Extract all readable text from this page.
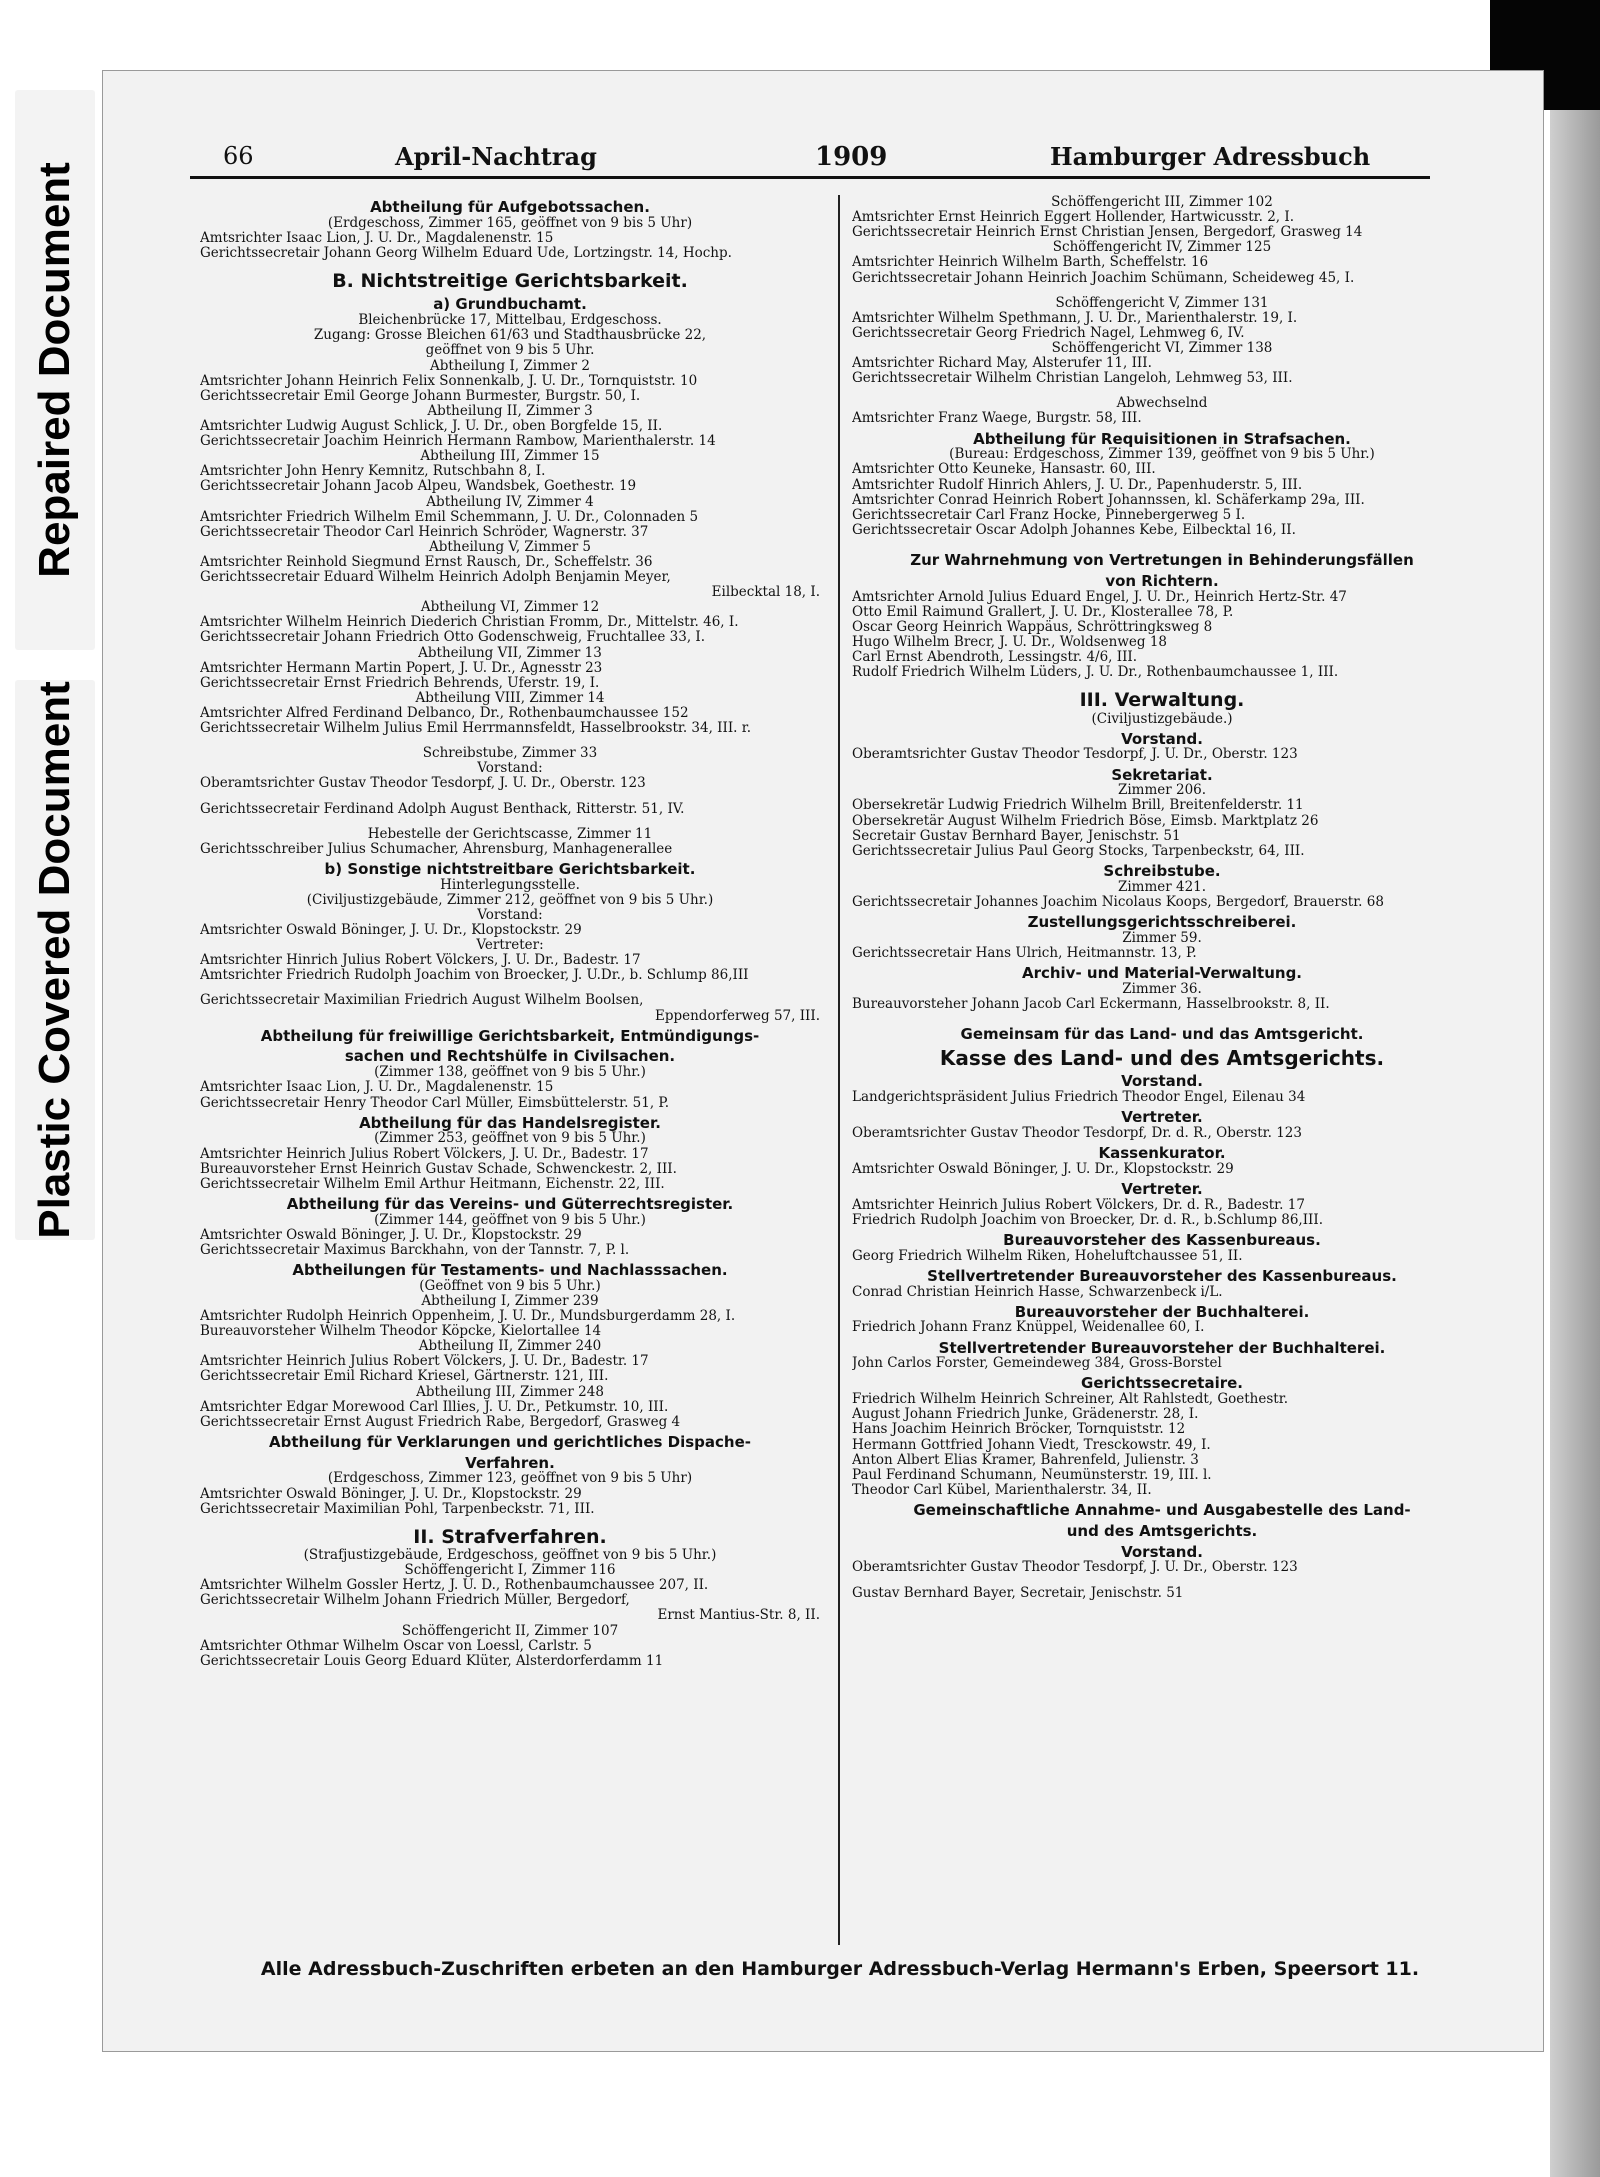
Repaired Document
Plastic Covered Document
66	April-Nachtrag	1909	Hamburger Adressbuch
Abtheilung für Aufgebotssachen.
(Erdgeschoss, Zimmer 165, geöffnet von 9 bis 5 Uhr)
Amtsrichter Isaac Lion, J. U. Dr., Magdalenenstr. 15
Gerichtssecretair Johann Georg Wilhelm Eduard Ude, Lortzingstr. 14, Hochp.
B. Nichtstreitige Gerichtsbarkeit.
a) Grundbuchamt.
Bleichenbrücke 17, Mittelbau, Erdgeschoss.
Zugang: Grosse Bleichen 61/63 und Stadthausbrücke 22,
geöffnet von 9 bis 5 Uhr.
Abtheilung I, Zimmer 2
Amtsrichter Johann Heinrich Felix Sonnenkalb, J. U. Dr., Tornquiststr. 10
Gerichtssecretair Emil George Johann Burmester, Burgstr. 50, I.
Abtheilung II, Zimmer 3
Amtsrichter Ludwig August Schlick, J. U. Dr., oben Borgfelde 15, II.
Gerichtssecretair Joachim Heinrich Hermann Rambow, Marienthalerstr. 14
Abtheilung III, Zimmer 15
Amtsrichter John Henry Kemnitz, Rutschbahn 8, I.
Gerichtssecretair Johann Jacob Alpeu, Wandsbek, Goethestr. 19
Abtheilung IV, Zimmer 4
Amtsrichter Friedrich Wilhelm Emil Schemmann, J. U. Dr., Colonnaden 5
Gerichtssecretair Theodor Carl Heinrich Schröder, Wagnerstr. 37
Abtheilung V, Zimmer 5
Amtsrichter Reinhold Siegmund Ernst Rausch, Dr., Scheffelstr. 36
Gerichtssecretair Eduard Wilhelm Heinrich Adolph Benjamin Meyer,
Eilbecktal 18, I.
Abtheilung VI, Zimmer 12
Amtsrichter Wilhelm Heinrich Diederich Christian Fromm, Dr., Mittelstr. 46, I.
Gerichtssecretair Johann Friedrich Otto Godenschweig, Fruchtallee 33, I.
Abtheilung VII, Zimmer 13
Amtsrichter Hermann Martin Popert, J. U. Dr., Agnesstr 23
Gerichtssecretair Ernst Friedrich Behrends, Uferstr. 19, I.
Abtheilung VIII, Zimmer 14
Amtsrichter Alfred Ferdinand Delbanco, Dr., Rothenbaumchaussee 152
Gerichtssecretair Wilhelm Julius Emil Herrmannsfeldt, Hasselbrookstr. 34, III. r.
Schreibstube, Zimmer 33
Vorstand:
Oberamtsrichter Gustav Theodor Tesdorpf, J. U. Dr., Oberstr. 123
Gerichtssecretair Ferdinand Adolph August Benthack, Ritterstr. 51, IV.
Hebestelle der Gerichtscasse, Zimmer 11
Gerichtsschreiber Julius Schumacher, Ahrensburg, Manhagenerallee
b) Sonstige nichtstreitbare Gerichtsbarkeit.
Hinterlegungsstelle.
(Civiljustizgebäude, Zimmer 212, geöffnet von 9 bis 5 Uhr.)
Vorstand:
Amtsrichter Oswald Böninger, J. U. Dr., Klopstockstr. 29
Vertreter:
Amtsrichter Hinrich Julius Robert Völckers, J. U. Dr., Badestr. 17
Amtsrichter Friedrich Rudolph Joachim von Broecker, J. U.Dr., b. Schlump 86,III
Gerichtssecretair Maximilian Friedrich August Wilhelm Boolsen,
Eppendorferweg 57, III.
Abtheilung für freiwillige Gerichtsbarkeit, Entmündigungs-
sachen und Rechtshülfe in Civilsachen.
(Zimmer 138, geöffnet von 9 bis 5 Uhr.)
Amtsrichter Isaac Lion, J. U. Dr., Magdalenenstr. 15
Gerichtssecretair Henry Theodor Carl Müller, Eimsbüttelerstr. 51, P.
Abtheilung für das Handelsregister.
(Zimmer 253, geöffnet von 9 bis 5 Uhr.)
Amtsrichter Heinrich Julius Robert Völckers, J. U. Dr., Badestr. 17
Bureauvorsteher Ernst Heinrich Gustav Schade, Schwenckestr. 2, III.
Gerichtssecretair Wilhelm Emil Arthur Heitmann, Eichenstr. 22, III.
Abtheilung für das Vereins- und Güterrechtsregister.
(Zimmer 144, geöffnet von 9 bis 5 Uhr.)
Amtsrichter Oswald Böninger, J. U. Dr., Klopstockstr. 29
Gerichtssecretair Maximus Barckhahn, von der Tannstr. 7, P. l.
Abtheilungen für Testaments- und Nachlasssachen.
(Geöffnet von 9 bis 5 Uhr.)
Abtheilung I, Zimmer 239
Amtsrichter Rudolph Heinrich Oppenheim, J. U. Dr., Mundsburgerdamm 28, I.
Bureauvorsteher Wilhelm Theodor Köpcke, Kielortallee 14
Abtheilung II, Zimmer 240
Amtsrichter Heinrich Julius Robert Völckers, J. U. Dr., Badestr. 17
Gerichtssecretair Emil Richard Kriesel, Gärtnerstr. 121, III.
Abtheilung III, Zimmer 248
Amtsrichter Edgar Morewood Carl Illies, J. U. Dr., Petkumstr. 10, III.
Gerichtssecretair Ernst August Friedrich Rabe, Bergedorf, Grasweg 4
Abtheilung für Verklarungen und gerichtliches Dispache-
Verfahren.
(Erdgeschoss, Zimmer 123, geöffnet von 9 bis 5 Uhr)
Amtsrichter Oswald Böninger, J. U. Dr., Klopstockstr. 29
Gerichtssecretair Maximilian Pohl, Tarpenbeckstr. 71, III.
II. Strafverfahren.
(Strafjustizgebäude, Erdgeschoss, geöffnet von 9 bis 5 Uhr.)
Schöffengericht I, Zimmer 116
Amtsrichter Wilhelm Gossler Hertz, J. U. D., Rothenbaumchaussee 207, II.
Gerichtssecretair Wilhelm Johann Friedrich Müller, Bergedorf,
Ernst Mantius-Str. 8, II.
Schöffengericht II, Zimmer 107
Amtsrichter Othmar Wilhelm Oscar von Loessl, Carlstr. 5
Gerichtssecretair Louis Georg Eduard Klüter, Alsterdorferdamm 11
Schöffengericht III, Zimmer 102
Amtsrichter Ernst Heinrich Eggert Hollender, Hartwicusstr. 2, I.
Gerichtssecretair Heinrich Ernst Christian Jensen, Bergedorf, Grasweg 14
Schöffengericht IV, Zimmer 125
Amtsrichter Heinrich Wilhelm Barth, Scheffelstr. 16
Gerichtssecretair Johann Heinrich Joachim Schümann, Scheideweg 45, I.
Schöffengericht V, Zimmer 131
Amtsrichter Wilhelm Spethmann, J. U. Dr., Marienthalerstr. 19, I.
Gerichtssecretair Georg Friedrich Nagel, Lehmweg 6, IV.
Schöffengericht VI, Zimmer 138
Amtsrichter Richard May, Alsterufer 11, III.
Gerichtssecretair Wilhelm Christian Langeloh, Lehmweg 53, III.
Abwechselnd
Amtsrichter Franz Waege, Burgstr. 58, III.
Abtheilung für Requisitionen in Strafsachen.
(Bureau: Erdgeschoss, Zimmer 139, geöffnet von 9 bis 5 Uhr.)
Amtsrichter Otto Keuneke, Hansastr. 60, III.
Amtsrichter Rudolf Hinrich Ahlers, J. U. Dr., Papenhuderstr. 5, III.
Amtsrichter Conrad Heinrich Robert Johannssen, kl. Schäferkamp 29a, III.
Gerichtssecretair Carl Franz Hocke, Pinnebergerweg 5 I.
Gerichtssecretair Oscar Adolph Johannes Kebe, Eilbecktal 16, II.
Zur Wahrnehmung von Vertretungen in Behinderungsfällen
von Richtern.
Amtsrichter Arnold Julius Eduard Engel, J. U. Dr., Heinrich Hertz-Str. 47
Otto Emil Raimund Grallert, J. U. Dr., Klosterallee 78, P.
Oscar Georg Heinrich Wappäus, Schröttringksweg 8
Hugo Wilhelm Brecr, J. U. Dr., Woldsenweg 18
Carl Ernst Abendroth, Lessingstr. 4/6, III.
Rudolf Friedrich Wilhelm Lüders, J. U. Dr., Rothenbaumchaussee 1, III.
III. Verwaltung.
(Civiljustizgebäude.)
Vorstand.
Oberamtsrichter Gustav Theodor Tesdorpf, J. U. Dr., Oberstr. 123
Sekretariat.
Zimmer 206.
Obersekretär Ludwig Friedrich Wilhelm Brill, Breitenfelderstr. 11
Obersekretär August Wilhelm Friedrich Böse, Eimsb. Marktplatz 26
Secretair Gustav Bernhard Bayer, Jenischstr. 51
Gerichtssecretair Julius Paul Georg Stocks, Tarpenbeckstr, 64, III.
Schreibstube.
Zimmer 421.
Gerichtssecretair Johannes Joachim Nicolaus Koops, Bergedorf, Brauerstr. 68
Zustellungsgerichtsschreiberei.
Zimmer 59.
Gerichtssecretair Hans Ulrich, Heitmannstr. 13, P.
Archiv- und Material-Verwaltung.
Zimmer 36.
Bureauvorsteher Johann Jacob Carl Eckermann, Hasselbrookstr. 8, II.
Gemeinsam für das Land- und das Amtsgericht.
Kasse des Land- und des Amtsgerichts.
Vorstand.
Landgerichtspräsident Julius Friedrich Theodor Engel, Eilenau 34
Vertreter.
Oberamtsrichter Gustav Theodor Tesdorpf, Dr. d. R., Oberstr. 123
Kassenkurator.
Amtsrichter Oswald Böninger, J. U. Dr., Klopstockstr. 29
Vertreter.
Amtsrichter Heinrich Julius Robert Völckers, Dr. d. R., Badestr. 17
Friedrich Rudolph Joachim von Broecker, Dr. d. R., b.Schlump 86,III.
Bureauvorsteher des Kassenbureaus.
Georg Friedrich Wilhelm Riken, Hoheluftchaussee 51, II.
Stellvertretender Bureauvorsteher des Kassenbureaus.
Conrad Christian Heinrich Hasse, Schwarzenbeck i/L.
Bureauvorsteher der Buchhalterei.
Friedrich Johann Franz Knüppel, Weidenallee 60, I.
Stellvertretender Bureauvorsteher der Buchhalterei.
John Carlos Forster, Gemeindeweg 384, Gross-Borstel
Gerichtssecretaire.
Friedrich Wilhelm Heinrich Schreiner, Alt Rahlstedt, Goethestr.
August Johann Friedrich Junke, Grädenerstr. 28, I.
Hans Joachim Heinrich Bröcker, Tornquiststr. 12
Hermann Gottfried Johann Viedt, Tresckowstr. 49, I.
Anton Albert Elias Kramer, Bahrenfeld, Julienstr. 3
Paul Ferdinand Schumann, Neumünsterstr. 19, III. l.
Theodor Carl Kübel, Marienthalerstr. 34, II.
Gemeinschaftliche Annahme- und Ausgabestelle des Land-
und des Amtsgerichts.
Vorstand.
Oberamtsrichter Gustav Theodor Tesdorpf, J. U. Dr., Oberstr. 123
Gustav Bernhard Bayer, Secretair, Jenischstr. 51
Alle Adressbuch-Zuschriften erbeten an den Hamburger Adressbuch-Verlag Hermann's Erben, Speersort 11.
